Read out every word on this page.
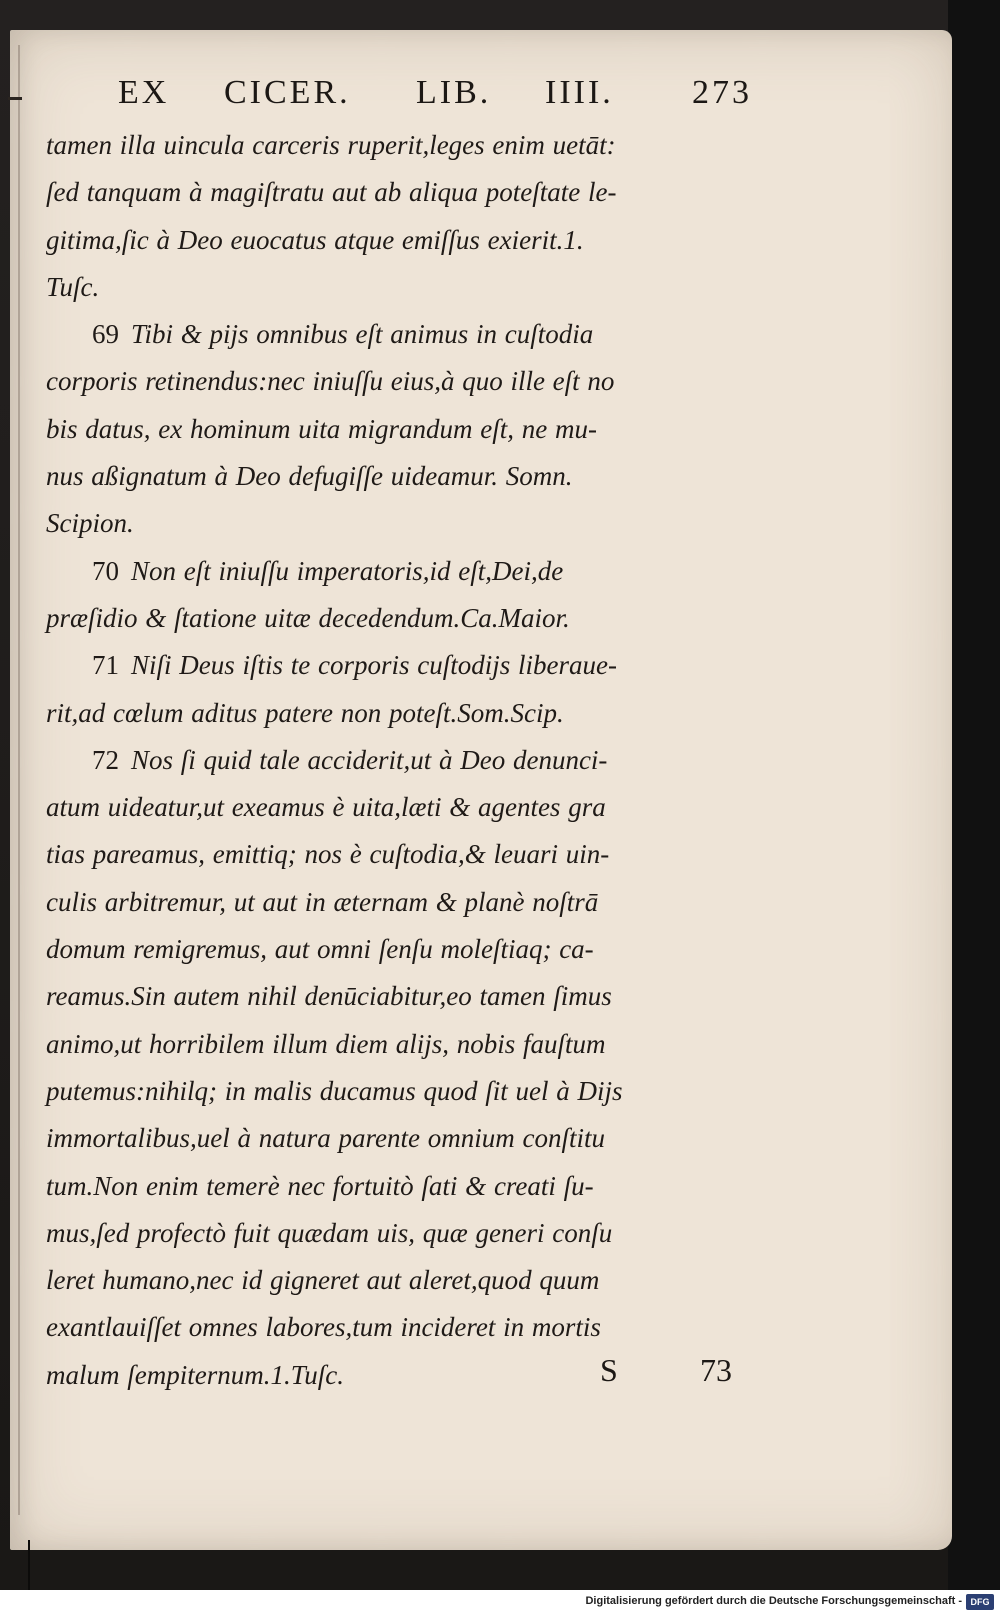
EX CICER. LIB. IIII. 273
tamen illa uincula carceris ruperit,leges enim uetāt:
ſed tanquam à magiſtratu aut ab aliqua poteſtate le-
gitima,ſic à Deo euocatus atque emiſſus exierit.1.
Tuſc.
69 Tibi & pijs omnibus eſt animus in cuſtodia
corporis retinendus:nec iniuſſu eius,à quo ille eſt no
bis datus, ex hominum uita migrandum eſt, ne mu-
nus aßignatum à Deo defugiſſe uideamur. Somn.
Scipion.
70 Non eſt iniuſſu imperatoris,id eſt,Dei,de
præſidio & ſtatione uitæ decedendum.Ca.Maior.
71 Niſi Deus iſtis te corporis cuſtodijs liberaue-
rit,ad cœlum aditus patere non poteſt.Som.Scip.
72 Nos ſi quid tale acciderit,ut à Deo denunci-
atum uideatur,ut exeamus è uita,læti & agentes gra
tias pareamus, emittiq; nos è cuſtodia,& leuari uin-
culis arbitremur, ut aut in æternam & planè noſtrā
domum remigremus, aut omni ſenſu moleſtiaq; ca-
reamus.Sin autem nihil denūciabitur,eo tamen ſimus
animo,ut horribilem illum diem alijs, nobis fauſtum
putemus:nihilq; in malis ducamus quod ſit uel à Dijs
immortalibus,uel à natura parente omnium conſtitu
tum.Non enim temerè nec fortuitò ſati & creati ſu-
mus,ſed profectò fuit quædam uis, quæ generi conſu
leret humano,nec id gigneret aut aleret,quod quum
exantlauiſſet omnes labores,tum incideret in mortis
malum ſempiternum.1.Tuſc.	S	73
Digitalisierung gefördert durch die Deutsche Forschungsgemeinschaft - DFG
